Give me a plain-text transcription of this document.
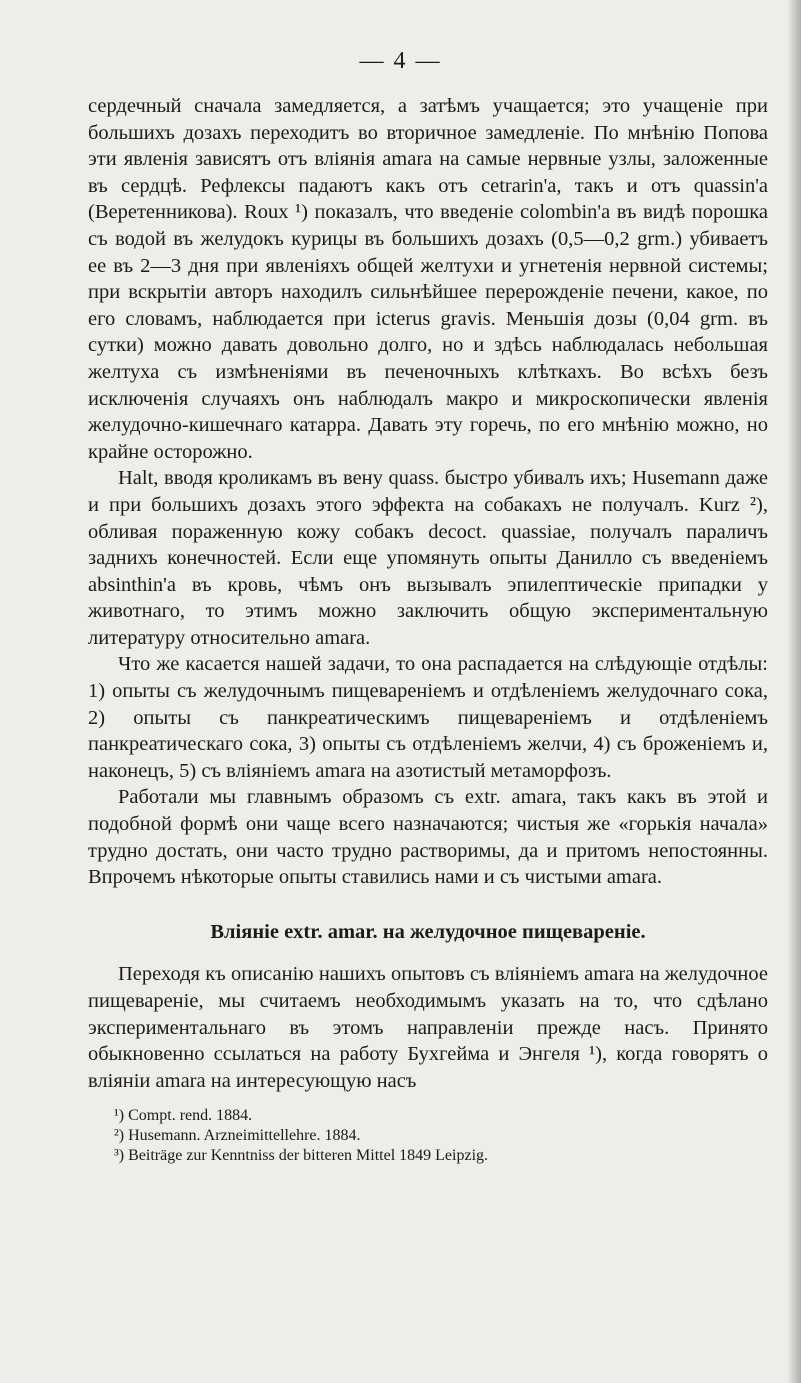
— 4 —

сердечный сначала замедляется, а затѣмъ учащается; это учащеніе при большихъ дозахъ переходитъ во вторичное замедленіе. По мнѣнію Попова эти явленія зависятъ отъ вліянія amara на самые нервные узлы, заложенные въ сердцѣ. Рефлексы падаютъ какъ отъ cetrarin'a, такъ и отъ quassin'a (Веретенникова). Roux ¹) показалъ, что введеніе colombin'a въ видѣ порошка съ водой въ желудокъ курицы въ большихъ дозахъ (0,5—0,2 grm.) убиваетъ ее въ 2—3 дня при явленіяхъ общей желтухи и угнетенія нервной системы; при вскрытіи авторъ находилъ сильнѣйшее перерожденіе печени, какое, по его словамъ, наблюдается при icterus gravis. Меньшія дозы (0,04 grm. въ сутки) можно давать довольно долго, но и здѣсь наблюдалась небольшая желтуха съ измѣненіями въ печеночныхъ клѣткахъ. Во всѣхъ безъ исключенія случаяхъ онъ наблюдалъ макро и микроскопически явленія желудочно-кишечнаго катарра. Давать эту горечь, по его мнѣнію можно, но крайне осторожно.

Halt, вводя кроликамъ въ вену quass. быстро убивалъ ихъ; Husemann даже и при большихъ дозахъ этого эффекта на собакахъ не получалъ. Kurz ²), обливая пораженную кожу собакъ decoct. quassiae, получалъ параличъ заднихъ конечностей. Если еще упомянуть опыты Данилло съ введеніемъ absinthin'a въ кровь, чѣмъ онъ вызывалъ эпилептическіе припадки у животнаго, то этимъ можно заключить общую экспериментальную литературу относительно amara.

Что же касается нашей задачи, то она распадается на слѣдующіе отдѣлы: 1) опыты съ желудочнымъ пищевареніемъ и отдѣленіемъ желудочнаго сока, 2) опыты съ панкреатическимъ пищевареніемъ и отдѣленіемъ панкреатическаго сока, 3) опыты съ отдѣленіемъ желчи, 4) съ броженіемъ и, наконецъ, 5) съ вліяніемъ amara на азотистый метаморфозъ.

Работали мы главнымъ образомъ съ extr. amara, такъ какъ въ этой и подобной формѣ они чаще всего назначаются; чистыя же «горькія начала» трудно достать, они часто трудно растворимы, да и притомъ непостоянны. Впрочемъ нѣкоторые опыты ставились нами и съ чистыми amara.

Вліяніе extr. amar. на желудочное пищевареніе.

Переходя къ описанію нашихъ опытовъ съ вліяніемъ amara на желудочное пищевареніе, мы считаемъ необходимымъ указать на то, что сдѣлано экспериментальнаго въ этомъ направленіи прежде насъ. Принято обыкновенно ссылаться на работу Бухгейма и Энгеля ¹), когда говорятъ о вліяніи amara на интересующую насъ

¹) Compt. rend. 1884.
²) Husemann. Arzneimittellehre. 1884.
³) Beiträge zur Kenntniss der bitteren Mittel 1849 Leipzig.
